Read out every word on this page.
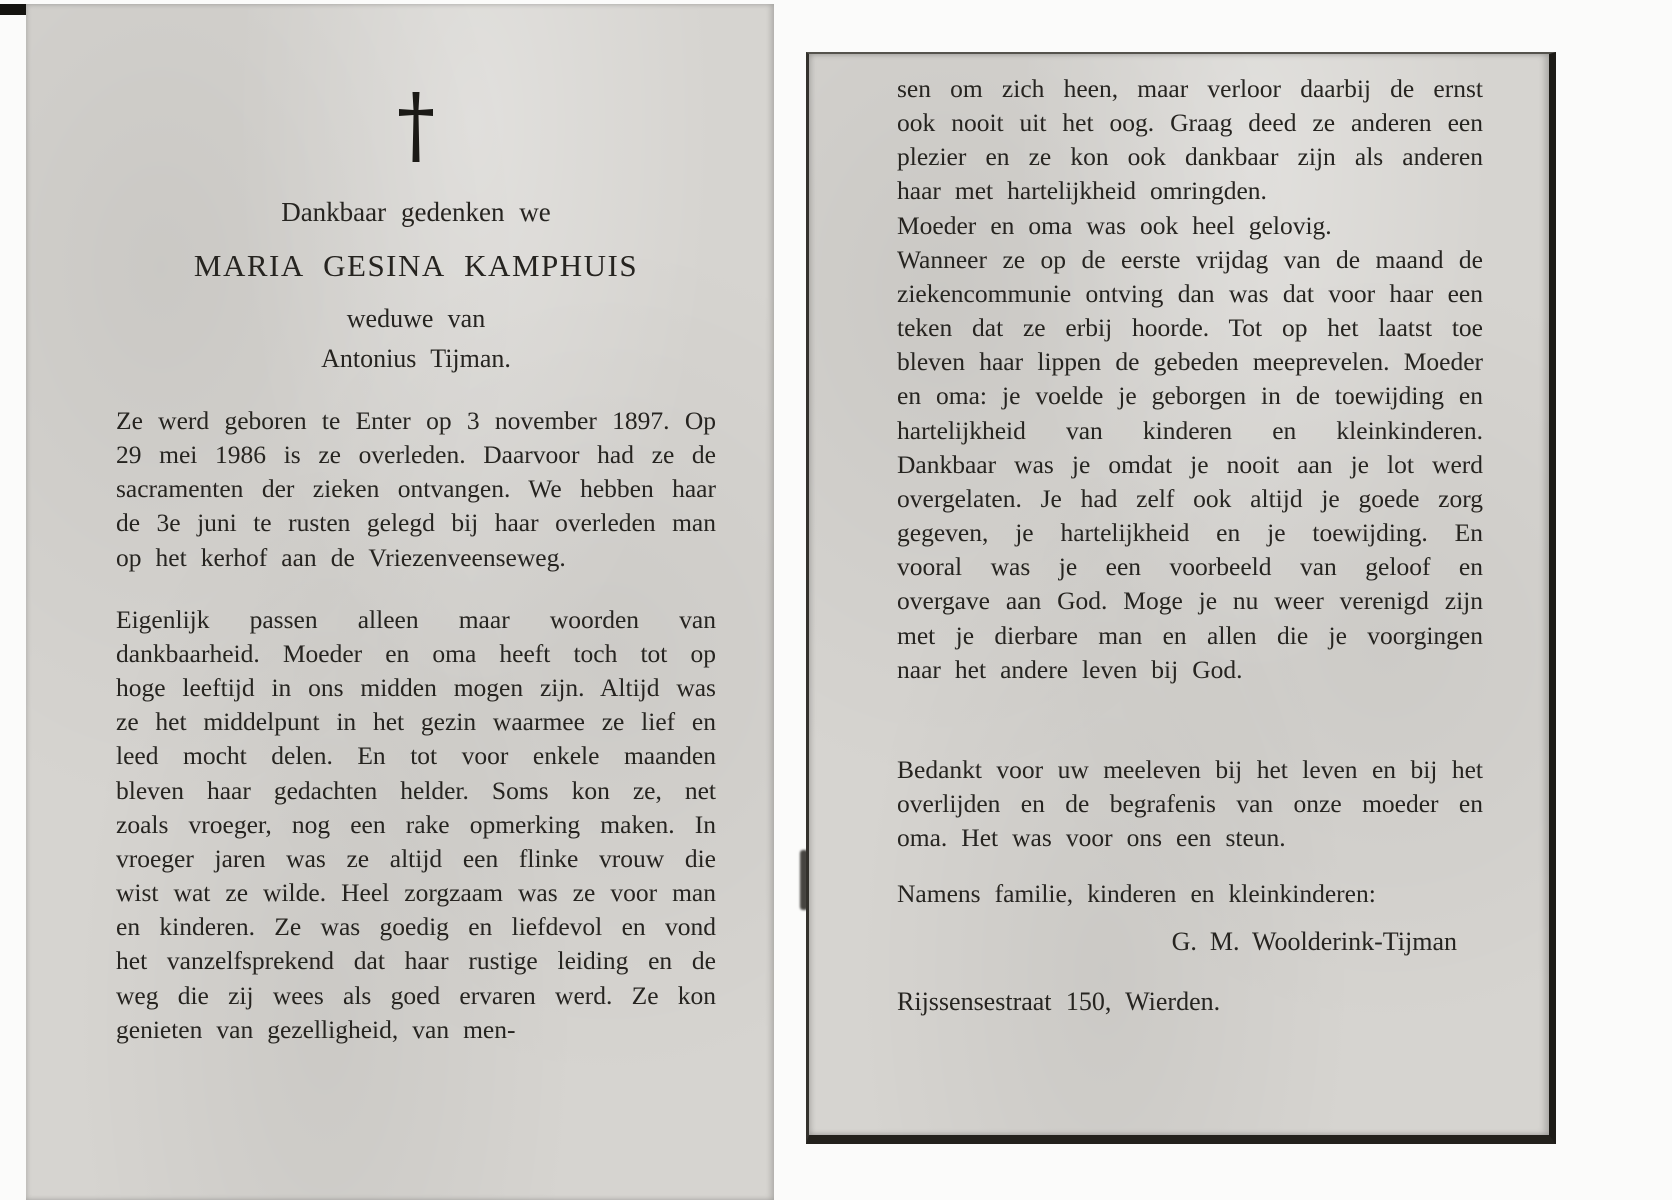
Dankbaar gedenken we
MARIA GESINA KAMPHUIS
weduwe van
Antonius Tijman.

Ze werd geboren te Enter op 3 november 1897. Op 29 mei 1986 is ze overleden. Daarvoor had ze de sacramenten der zieken ontvangen. We hebben haar de 3e juni te rusten gelegd bij haar overleden man op het kerhof aan de Vriezenveenseweg.

Eigenlijk passen alleen maar woorden van dankbaarheid. Moeder en oma heeft toch tot op hoge leeftijd in ons midden mogen zijn. Altijd was ze het middelpunt in het gezin waarmee ze lief en leed mocht delen. En tot voor enkele maanden bleven haar gedachten helder. Soms kon ze, net zoals vroeger, nog een rake opmerking maken. In vroeger jaren was ze altijd een flinke vrouw die wist wat ze wilde. Heel zorgzaam was ze voor man en kinderen. Ze was goedig en liefdevol en vond het vanzelfsprekend dat haar rustige leiding en de weg die zij wees als goed ervaren werd. Ze kon genieten van gezelligheid, van men-

sen om zich heen, maar verloor daarbij de ernst ook nooit uit het oog. Graag deed ze anderen een plezier en ze kon ook dankbaar zijn als anderen haar met hartelijkheid omringden.

Moeder en oma was ook heel gelovig.

Wanneer ze op de eerste vrijdag van de maand de ziekencommunie ontving dan was dat voor haar een teken dat ze erbij hoorde. Tot op het laatst toe bleven haar lippen de gebeden meeprevelen. Moeder en oma: je voelde je geborgen in de toewijding en hartelijkheid van kinderen en kleinkinderen. Dankbaar was je omdat je nooit aan je lot werd overgelaten. Je had zelf ook altijd je goede zorg gegeven, je hartelijkheid en je toewijding. En vooral was je een voorbeeld van geloof en overgave aan God. Moge je nu weer verenigd zijn met je dierbare man en allen die je voorgingen naar het andere leven bij God.

Bedankt voor uw meeleven bij het leven en bij het overlijden en de begrafenis van onze moeder en oma. Het was voor ons een steun.

Namens familie, kinderen en kleinkinderen:

G. M. Woolderink-Tijman
Rijssensestraat 150, Wierden.
